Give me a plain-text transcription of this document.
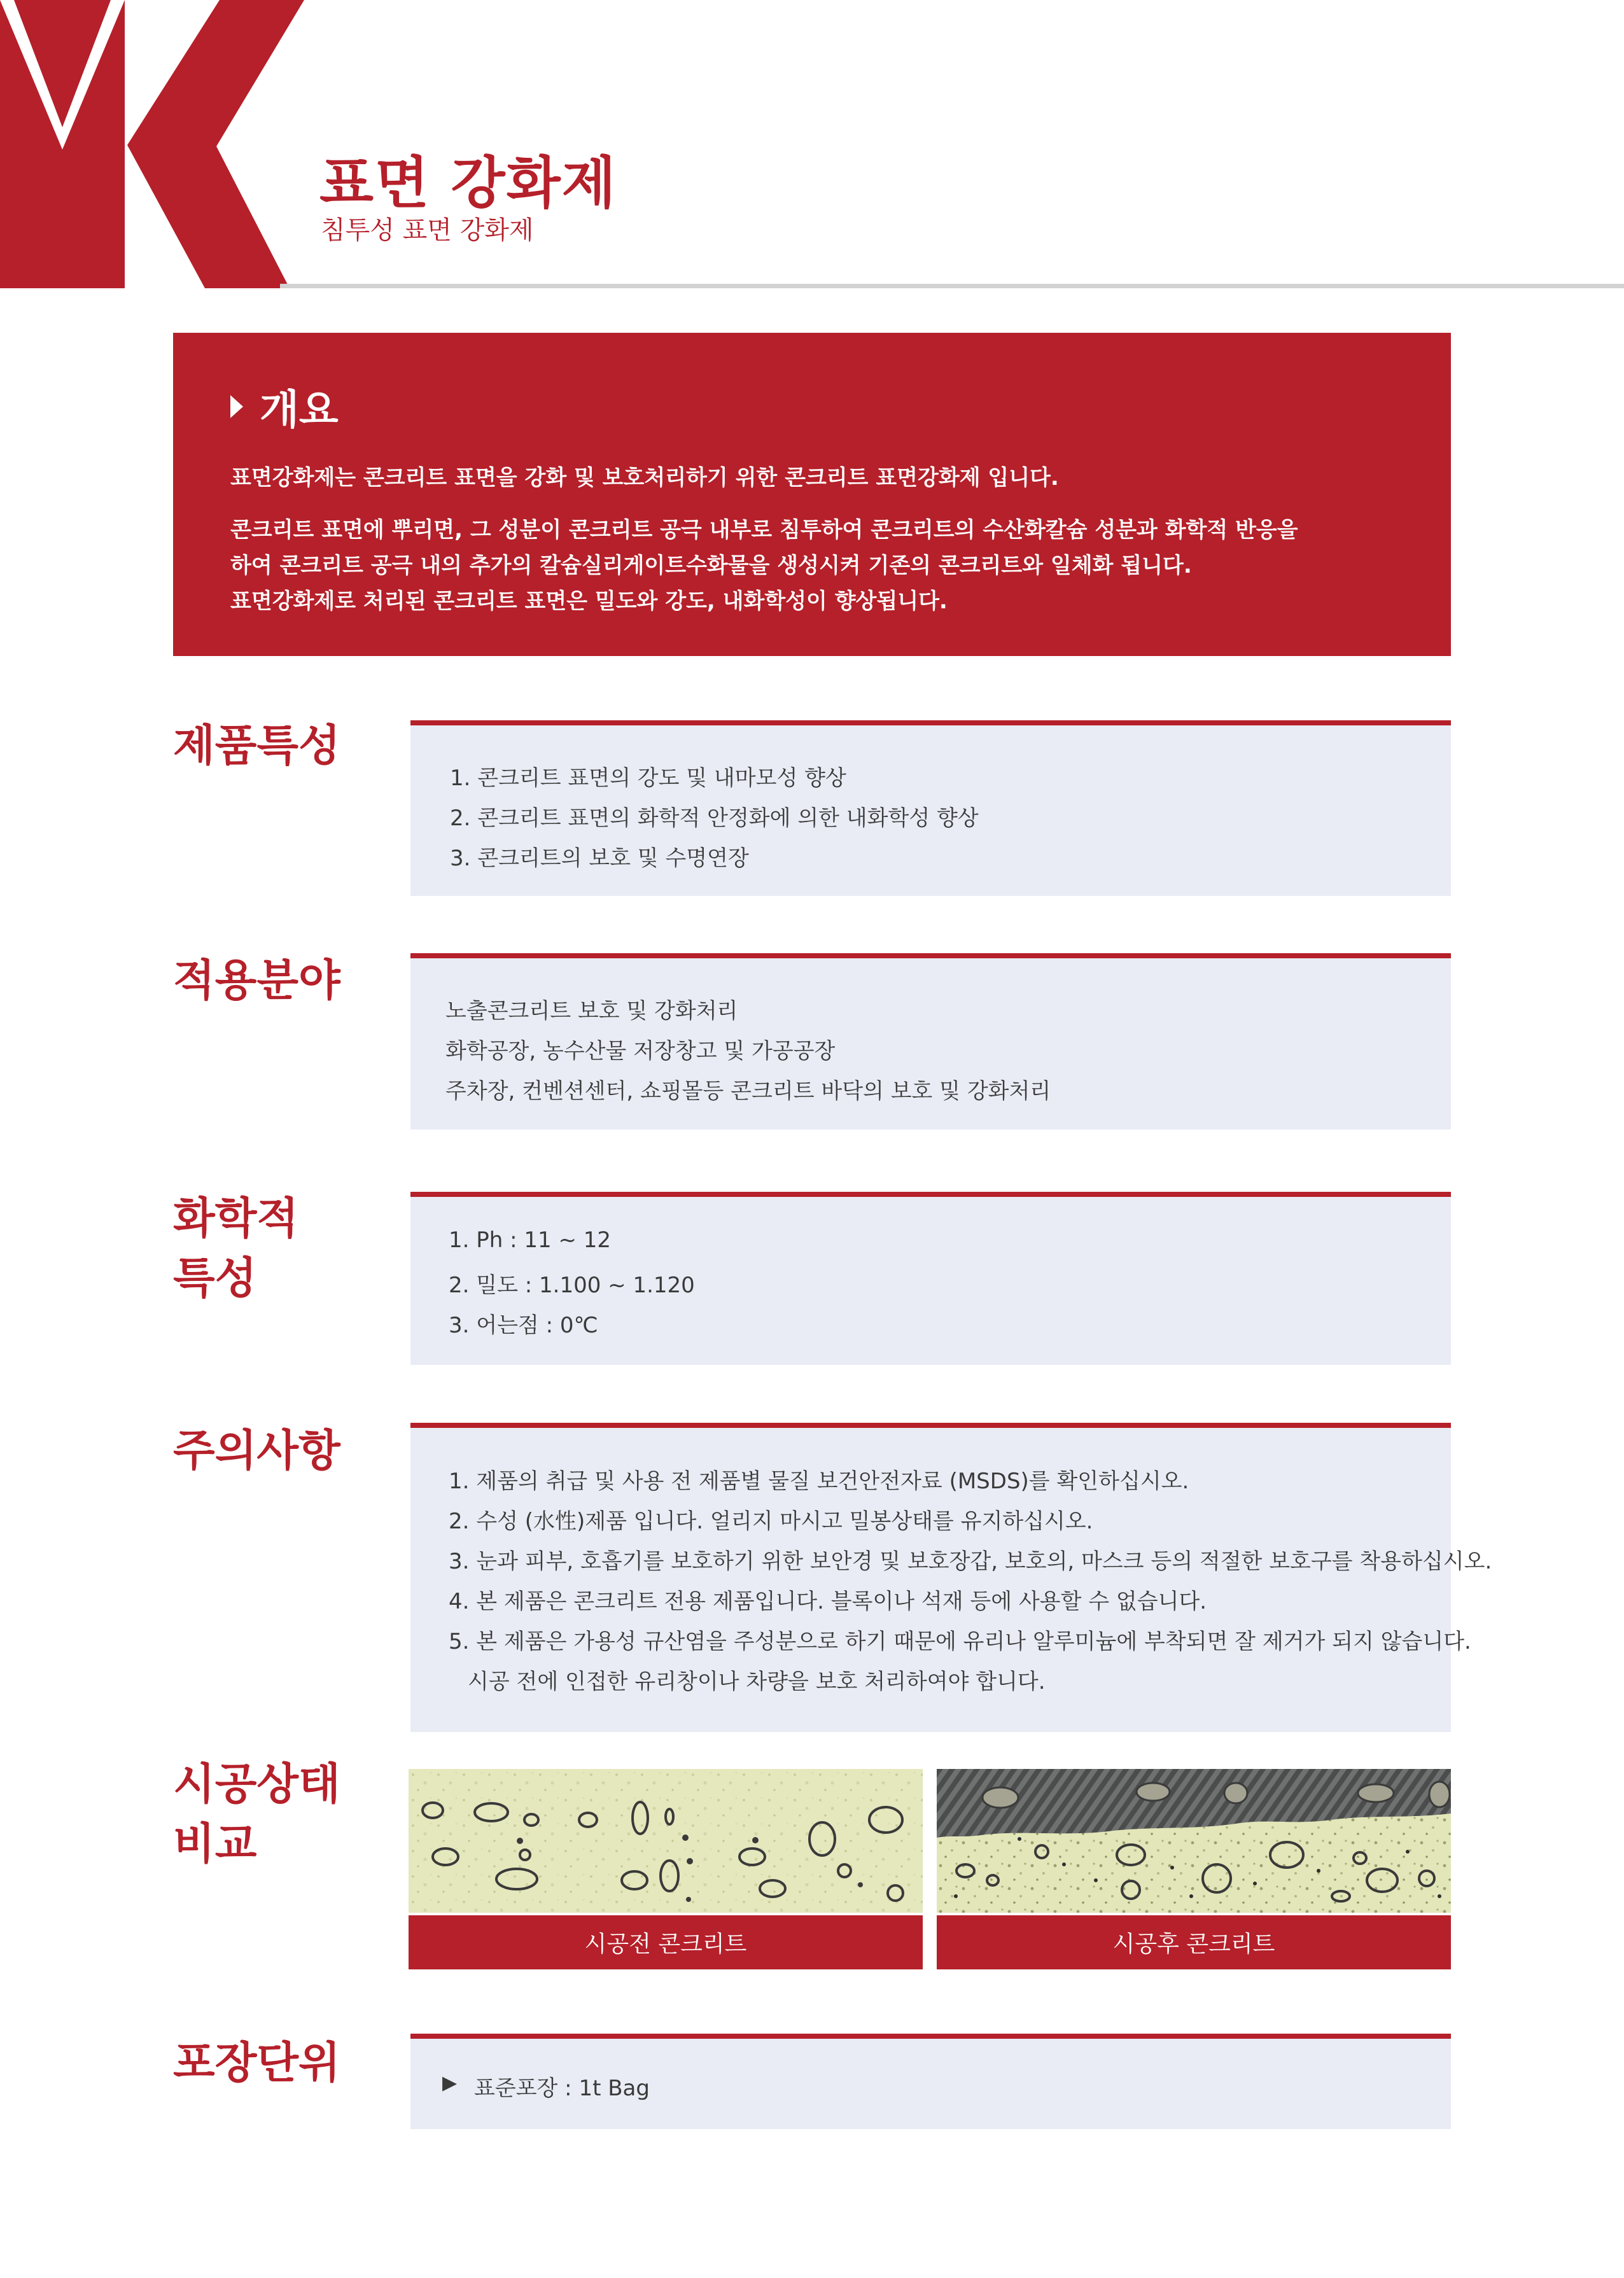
표면 강화제
침투성 표면 강화제
개요
표면강화제는 콘크리트 표면을 강화 및 보호처리하기 위한 콘크리트 표면강화제 입니다.
콘크리트 표면에 뿌리면, 그 성분이 콘크리트 공극 내부로 침투하여 콘크리트의 수산화칼슘 성분과 화학적 반응을
하여 콘크리트 공극 내의 추가의 칼슘실리게이트수화물을 생성시켜 기존의 콘크리트와 일체화 됩니다.
표면강화제로 처리된 콘크리트 표면은 밀도와 강도, 내화학성이 향상됩니다.
제품특성
1. 콘크리트 표면의 강도 및 내마모성 향상
2. 콘크리트 표면의 화학적 안정화에 의한 내화학성 향상
3. 콘크리트의 보호 및 수명연장
적용분야
노출콘크리트 보호 및 강화처리
화학공장, 농수산물 저장창고 및 가공공장
주차장, 컨벤션센터, 쇼핑몰등 콘크리트 바닥의 보호 및 강화처리
화학적
특성
1. Ph : 11 ~ 12
2. 밀도 : 1.100 ~ 1.120
3. 어는점 : 0℃
주의사항
1. 제품의 취급 및 사용 전 제품별 물질 보건안전자료 (MSDS)를 확인하십시오.
2. 수성 (水性)제품 입니다. 얼리지 마시고 밀봉상태를 유지하십시오.
3. 눈과 피부, 호흡기를 보호하기 위한 보안경 및 보호장갑, 보호의, 마스크 등의 적절한 보호구를 착용하십시오.
4. 본 제품은 콘크리트 전용 제품입니다. 블록이나 석재 등에 사용할 수 없습니다.
5. 본 제품은 가용성 규산염을 주성분으로 하기 때문에 유리나 알루미늄에 부착되면 잘 제거가 되지 않습니다.
시공 전에 인접한 유리창이나 차량을 보호 처리하여야 합니다.
시공상태
비교
시공전 콘크리트	시공후 콘크리트
포장단위	▶ 표준포장 : 1t Bag
